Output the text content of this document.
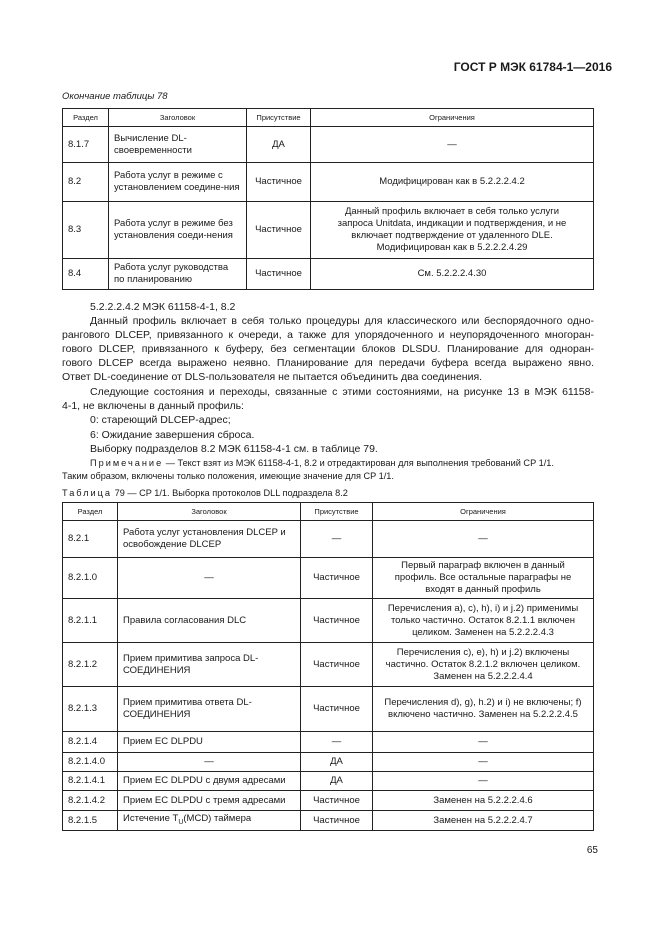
ГОСТ Р МЭК 61784-1—2016
Окончание таблицы 78
Раздел	Заголовок	Присутствие	Ограничения
8.1.7	Вычисление DL-своевременности	ДА	—
8.2	Работа услуг в режиме с установлением соедине-ния	Частичное	Модифицирован как в 5.2.2.2.4.2
8.3	Работа услуг в режиме без установления соеди-нения	Частичное	Данный профиль включает в себя только услуги запроса Unitdata, индикации и подтверждения, и не включает подтверждение от удаленного DLE. Модифицирован как в 5.2.2.2.4.29
8.4	Работа услуг руководства по планированию	Частичное	См. 5.2.2.2.4.30
5.2.2.2.4.2 МЭК 61158-4-1, 8.2
Данный профиль включает в себя только процедуры для классического или беспорядочного одно-
рангового DLCEP, привязанного к очереди, а также для упорядоченного и неупорядоченного многоран-
гового DLCEP, привязанного к буферу, без сегментации блоков DLSDU. Планирование для однoран-
гового DLCEP всегда выражено неявно. Планирование для передачи буфера всегда выражено явно.
Ответ DL-соединение от DLS-пользователя не пытается объединить два соединения.
Следующие состояния и переходы, связанные с этими состояниями, на рисунке 13 в МЭК 61158-
4-1, не включены в данный профиль:
0: стареющий DLCEP-адрес;
6: Ожидание завершения сброса.
Выборку подразделов 8.2 МЭК 61158-4-1 см. в таблице 79.
Примечание — Текст взят из МЭК 61158-4-1, 8.2 и отредактирован для выполнения требований CP 1/1.
Таким образом, включены только положения, имеющие значение для CP 1/1.
Таблица 79 — CP 1/1. Выборка протоколов DLL подраздела 8.2
Раздел	Заголовок	Присутствие	Ограничения
8.2.1	Работа услуг установления DLCEP и освобождение DLCEP	—	—
8.2.1.0	—	Частичное	Первый параграф включен в данный профиль. Все остальные параграфы не входят в данный профиль
8.2.1.1	Правила согласования DLC	Частичное	Перечисления a), c), h), i) и j.2) применимы только частично. Остаток 8.2.1.1 включен целиком. Заменен на 5.2.2.2.4.3
8.2.1.2	Прием примитива запроса DL-СОЕДИНЕНИЯ	Частичное	Перечисления c), e), h) и j.2) включены частично. Остаток 8.2.1.2 включен целиком. Заменен на 5.2.2.2.4.4
8.2.1.3	Прием примитива ответа DL-СОЕДИНЕНИЯ	Частичное	Перечисления d), g), h.2) и i) не включены; f) включено частично. Заменен на 5.2.2.2.4.5
8.2.1.4	Прием EC DLPDU	—	—
8.2.1.4.0	—	ДА	—
8.2.1.4.1	Прием EC DLPDU с двумя адресами	ДА	—
8.2.1.4.2	Прием EC DLPDU с тремя адресами	Частичное	Заменен на 5.2.2.2.4.6
8.2.1.5	Истечение $T_U(MCD)$ таймера	Частичное	Заменен на 5.2.2.2.4.7
65
